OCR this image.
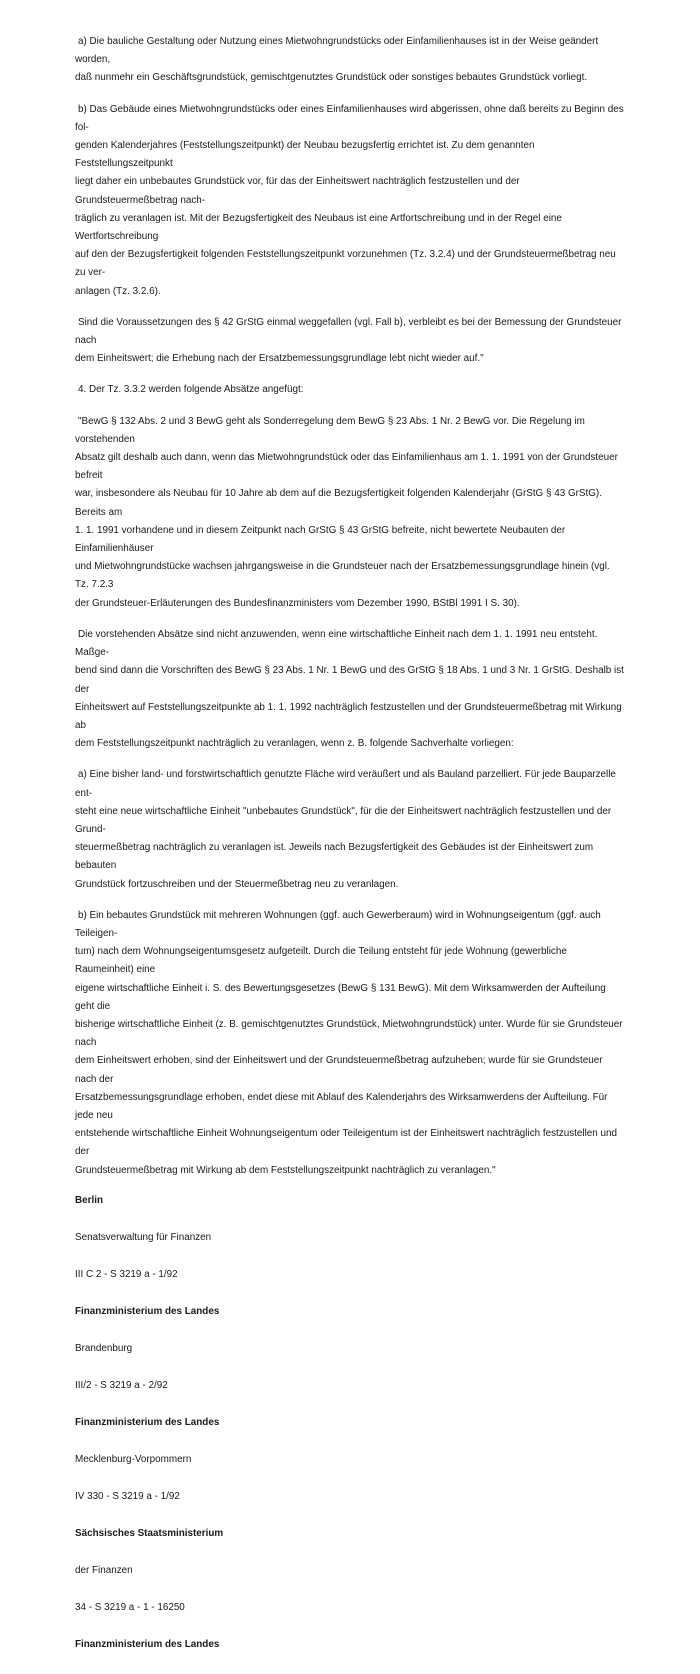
a) Die bauliche Gestaltung oder Nutzung eines Mietwohngrundstücks oder Einfamilienhauses ist in der Weise geändert worden,
daß nunmehr ein Geschäftsgrundstück, gemischtgenutztes Grundstück oder sonstiges bebautes Grundstück vorliegt.

b) Das Gebäude eines Mietwohngrundstücks oder eines Einfamilienhauses wird abgerissen, ohne daß bereits zu Beginn des fol-
genden Kalenderjahres (Feststellungszeitpunkt) der Neubau bezugsfertig errichtet ist. Zu dem genannten Feststellungszeitpunkt
liegt daher ein unbebautes Grundstück vor, für das der Einheitswert nachträglich festzustellen und der Grundsteuermeßbetrag nach-
träglich zu veranlagen ist. Mit der Bezugsfertigkeit des Neubaus ist eine Artfortschreibung und in der Regel eine Wertfortschreibung
auf den der Bezugsfertigkeit folgenden Feststellungszeitpunkt vorzunehmen (Tz. 3.2.4) und der Grundsteuermeßbetrag neu zu ver-
anlagen (Tz. 3.2.6).

Sind die Voraussetzungen des § 42 GrStG einmal weggefallen (vgl. Fall b), verbleibt es bei der Bemessung der Grundsteuer nach
dem Einheitswert; die Erhebung nach der Ersatzbemessungsgrundlage lebt nicht wieder auf."

4. Der Tz. 3.3.2 werden folgende Absätze angefügt:

"BewG § 132 Abs. 2 und 3 BewG geht als Sonderregelung dem BewG § 23 Abs. 1 Nr. 2 BewG vor. Die Regelung im vorstehenden
Absatz gilt deshalb auch dann, wenn das Mietwohngrundstück oder das Einfamilienhaus am 1. 1. 1991 von der Grundsteuer befreit
war, insbesondere als Neubau für 10 Jahre ab dem auf die Bezugsfertigkeit folgenden Kalenderjahr (GrStG § 43 GrStG). Bereits am
1. 1. 1991 vorhandene und in diesem Zeitpunkt nach GrStG § 43 GrStG befreite, nicht bewertete Neubauten der Einfamilienhäuser
und Mietwohngrundstücke wachsen jahrgangsweise in die Grundsteuer nach der Ersatzbemessungsgrundlage hinein (vgl. Tz. 7.2.3
der Grundsteuer-Erläuterungen des Bundesfinanzministers vom Dezember 1990, BStBl 1991 I S. 30).

Die vorstehenden Absätze sind nicht anzuwenden, wenn eine wirtschaftliche Einheit nach dem 1. 1. 1991 neu entsteht. Maßge-
bend sind dann die Vorschriften des BewG § 23 Abs. 1 Nr. 1 BewG und des GrStG § 18 Abs. 1 und 3 Nr. 1 GrStG. Deshalb ist der
Einheitswert auf Feststellungszeitpunkte ab 1. 1. 1992 nachträglich festzustellen und der Grundsteuermeßbetrag mit Wirkung ab
dem Feststellungszeitpunkt nachträglich zu veranlagen, wenn z. B. folgende Sachverhalte vorliegen:

a) Eine bisher land- und forstwirtschaftlich genutzte Fläche wird veräußert und als Bauland parzelliert. Für jede Bauparzelle ent-
steht eine neue wirtschaftliche Einheit "unbebautes Grundstück", für die der Einheitswert nachträglich festzustellen und der Grund-
steuermeßbetrag nachträglich zu veranlagen ist. Jeweils nach Bezugsfertigkeit des Gebäudes ist der Einheitswert zum bebauten
Grundstück fortzuschreiben und der Steuermeßbetrag neu zu veranlagen.

b) Ein bebautes Grundstück mit mehreren Wohnungen (ggf. auch Gewerberaum) wird in Wohnungseigentum (ggf. auch Teileigen-
tum) nach dem Wohnungseigentumsgesetz aufgeteilt. Durch die Teilung entsteht für jede Wohnung (gewerbliche Raumeinheit) eine
eigene wirtschaftliche Einheit i. S. des Bewertungsgesetzes (BewG § 131 BewG). Mit dem Wirksamwerden der Aufteilung geht die
bisherige wirtschaftliche Einheit (z. B. gemischtgenutztes Grundstück, Mietwohngrundstück) unter. Wurde für sie Grundsteuer nach
dem Einheitswert erhoben, sind der Einheitswert und der Grundsteuermeßbetrag aufzuheben; wurde für sie Grundsteuer nach der
Ersatzbemessungsgrundlage erhoben, endet diese mit Ablauf des Kalenderjahrs des Wirksamwerdens der Aufteilung. Für jede neu
entstehende wirtschaftliche Einheit Wohnungseigentum oder Teileigentum ist der Einheitswert nachträglich festzustellen und der
Grundsteuermeßbetrag mit Wirkung ab dem Feststellungszeitpunkt nachträglich zu veranlagen."

Berlin
Senatsverwaltung für Finanzen
III C 2 - S 3219 a - 1/92
Finanzministerium des Landes
Brandenburg
III/2 - S 3219 a - 2/92
Finanzministerium des Landes
Mecklenburg-Vorpommern
IV 330 - S 3219 a - 1/92
Sächsisches Staatsministerium
der Finanzen
34 - S 3219 a - 1 - 16250
Finanzministerium des Landes
